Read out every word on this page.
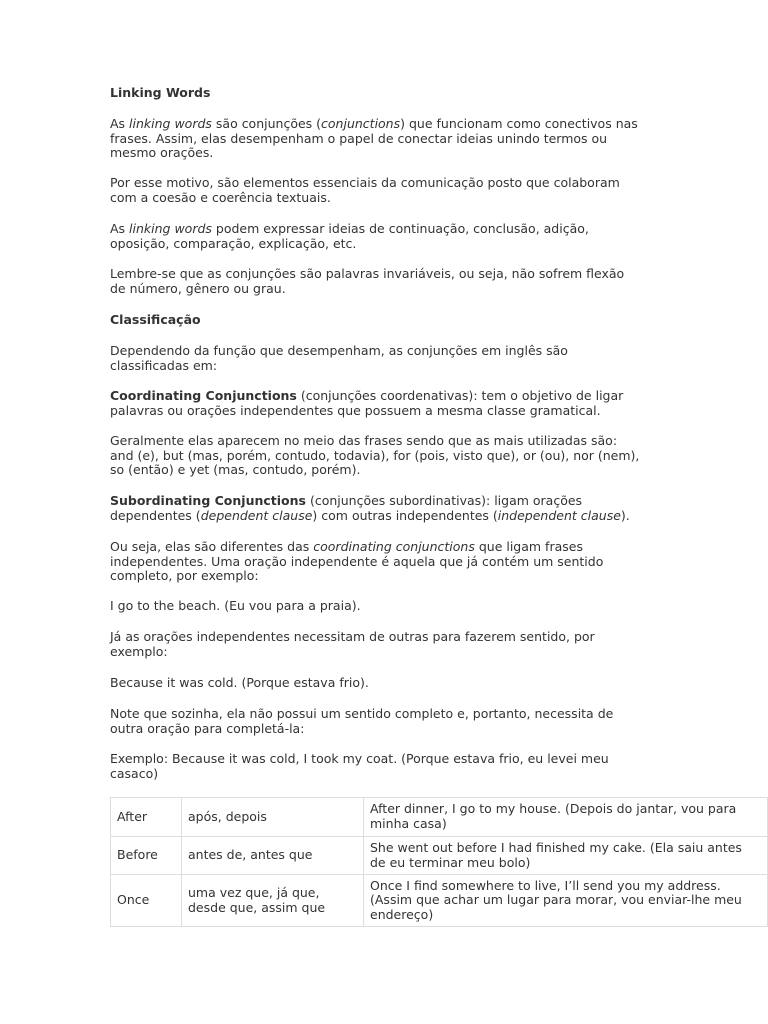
Linking Words

As linking words são conjunções (conjunctions) que funcionam como conectivos nas
frases. Assim, elas desempenham o papel de conectar ideias unindo termos ou
mesmo orações.

Por esse motivo, são elementos essenciais da comunicação posto que colaboram
com a coesão e coerência textuais.

As linking words podem expressar ideias de continuação, conclusão, adição,
oposição, comparação, explicação, etc.

Lembre-se que as conjunções são palavras invariáveis, ou seja, não sofrem flexão
de número, gênero ou grau.

Classificação

Dependendo da função que desempenham, as conjunções em inglês são
classificadas em:

Coordinating Conjunctions (conjunções coordenativas): tem o objetivo de ligar
palavras ou orações independentes que possuem a mesma classe gramatical.

Geralmente elas aparecem no meio das frases sendo que as mais utilizadas são:
and (e), but (mas, porém, contudo, todavia), for (pois, visto que), or (ou), nor (nem),
so (então) e yet (mas, contudo, porém).

Subordinating Conjunctions (conjunções subordinativas): ligam orações
dependentes (dependent clause) com outras independentes (independent clause).

Ou seja, elas são diferentes das coordinating conjunctions que ligam frases
independentes. Uma oração independente é aquela que já contém um sentido
completo, por exemplo:

I go to the beach. (Eu vou para a praia).

Já as orações independentes necessitam de outras para fazerem sentido, por
exemplo:

Because it was cold. (Porque estava frio).

Note que sozinha, ela não possui um sentido completo e, portanto, necessita de
outra oração para completá-la:

Exemplo: Because it was cold, I took my coat. (Porque estava frio, eu levei meu
casaco)

After	após, depois	After dinner, I go to my house. (Depois do jantar, vou para
minha casa)
Before	antes de, antes que	She went out before I had finished my cake. (Ela saiu antes
de eu terminar meu bolo)
Once	uma vez que, já que,
desde que, assim que	Once I find somewhere to live, I’ll send you my address.
(Assim que achar um lugar para morar, vou enviar-lhe meu
endereço)
